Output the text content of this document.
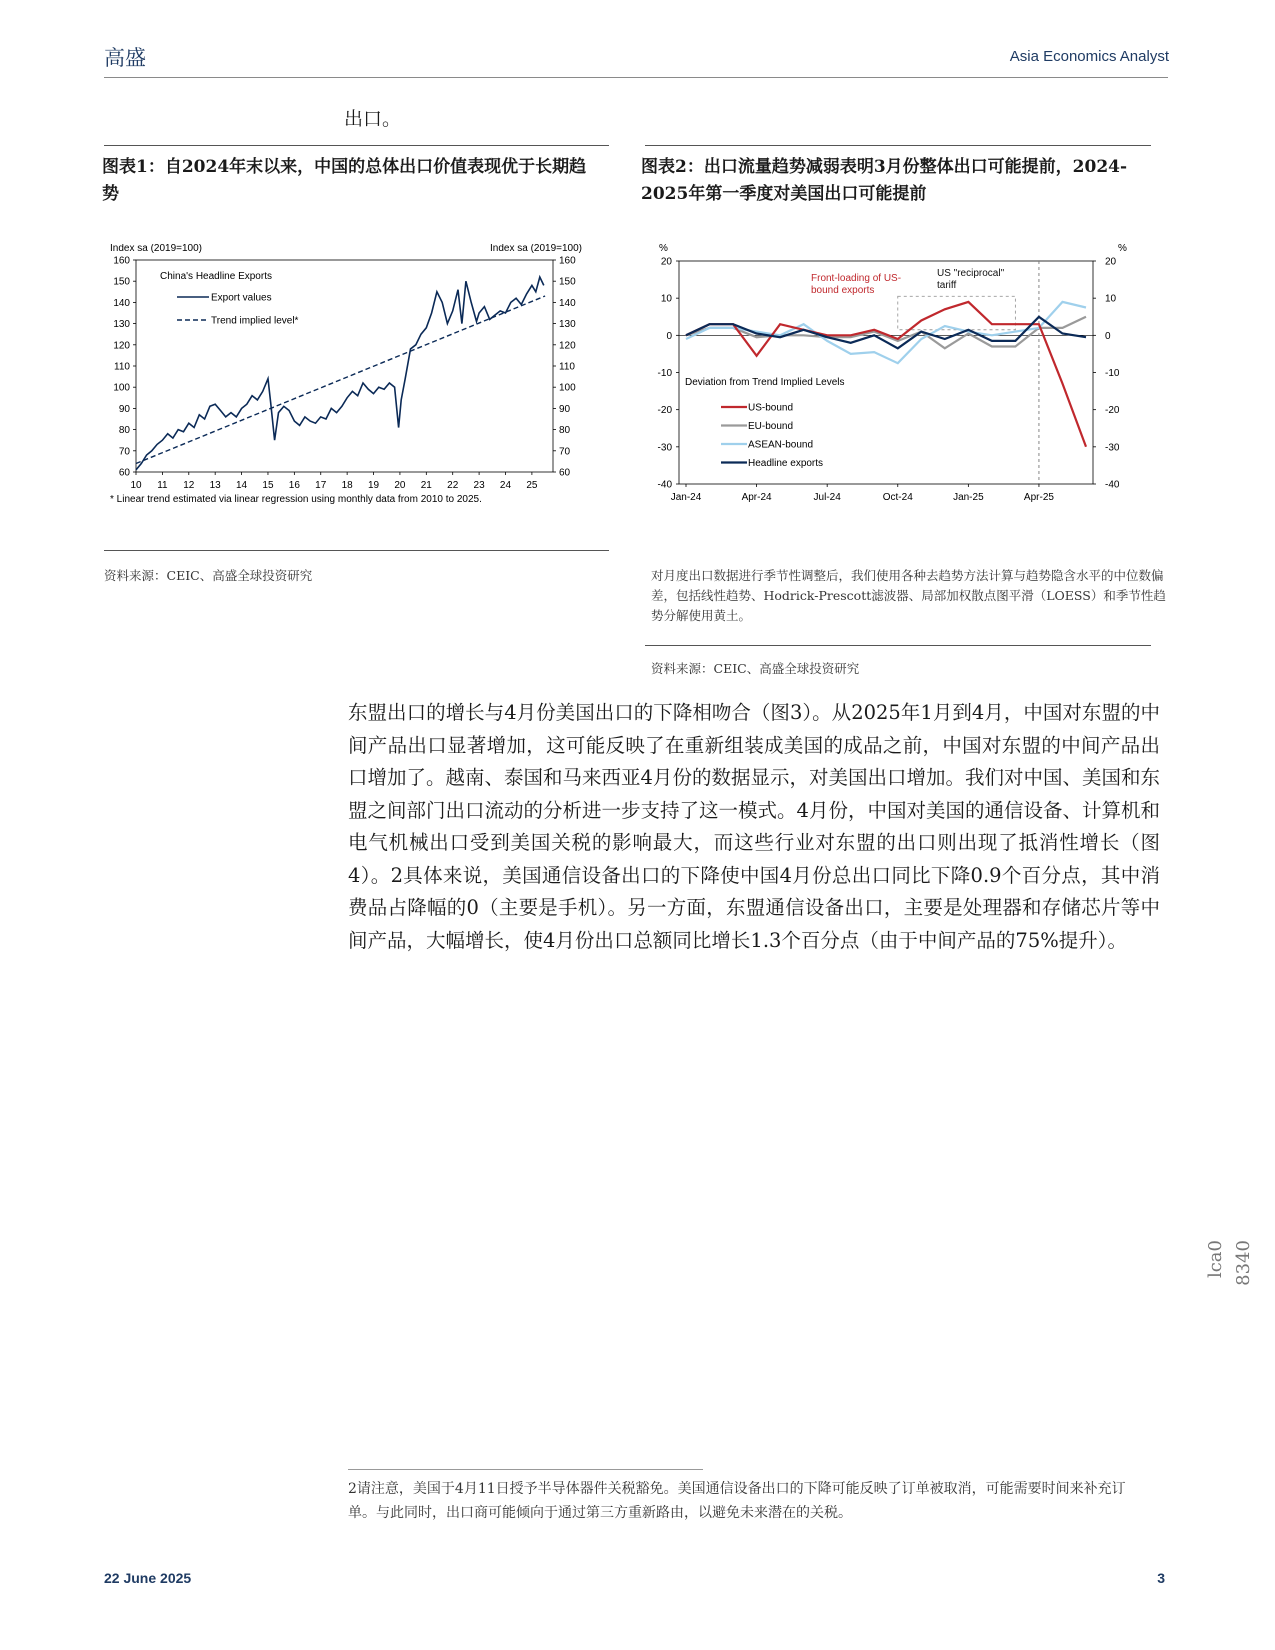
高盛	Asia Economics Analyst
出口。
图表1：自2024年末以来，中国的总体出口价值表现优于长期趋势
Index sa (2019=100)	Index sa (2019=100)
60	60
70	70
80	80
90	90
100	100
110	110
120	120
130	130
140	140
150	150
160	160
10 11 12 13 14 15 16 17 18 19 20 21 22 23 24 25
China's Headline Exports
Export values
Trend implied level*
* Linear trend estimated via linear regression using monthly data from 2010 to 2025.
资料来源：CEIC、高盛全球投资研究
图表2：出口流量趋势减弱表明3月份整体出口可能提前，2024-2025年第一季度对美国出口可能提前
%	%
-40	-40
-30	-30
-20	-20
-10	-10
0	0
10	10
20	20
Jan-24	Apr-24	Jul-24	Oct-24	Jan-25	Apr-25
Front-loading of US-bound exports
US "reciprocal" tariff
Deviation from Trend Implied Levels
US-bound
EU-bound
ASEAN-bound
Headline exports
对月度出口数据进行季节性调整后，我们使用各种去趋势方法计算与趋势隐含水平的中位数偏差，包括线性趋势、Hodrick-Prescott滤波器、局部加权散点图平滑（LOESS）和季节性趋势分解使用黄土。
资料来源：CEIC、高盛全球投资研究
东盟出口的增长与4月份美国出口的下降相吻合（图3）。从2025年1月到4月，中国对东盟的中间产品出口显著增加，这可能反映了在重新组装成美国的成品之前，中国对东盟的中间产品出口增加了。越南、泰国和马来西亚4月份的数据显示，对美国出口增加。我们对中国、美国和东盟之间部门出口流动的分析进一步支持了这一模式。4月份，中国对美国的通信设备、计算机和电气机械出口受到美国关税的影响最大，而这些行业对东盟的出口则出现了抵消性增长（图4）。2具体来说，美国通信设备出口的下降使中国4月份总出口同比下降0.9个百分点，其中消费品占降幅的0（主要是手机）。另一方面，东盟通信设备出口，主要是处理器和存储芯片等中间产品，大幅增长，使4月份出口总额同比增长1.3个百分点（由于中间产品的75%提升）。
lca0 8340
2请注意，美国于4月11日授予半导体器件关税豁免。美国通信设备出口的下降可能反映了订单被取消，可能需要时间来补充订单。与此同时，出口商可能倾向于通过第三方重新路由，以避免未来潜在的关税。
22 June 2025	3
